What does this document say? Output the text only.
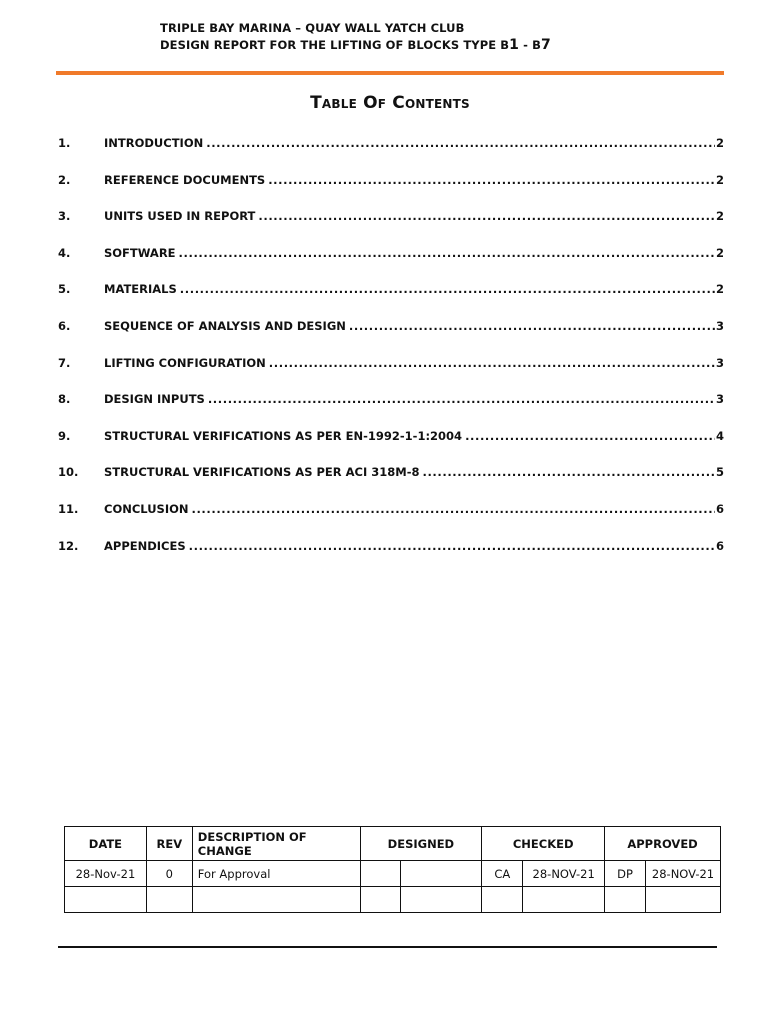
TRIPLE BAY MARINA – QUAY WALL YATCH CLUB
DESIGN REPORT FOR THE LIFTING OF BLOCKS TYPE B1 - B7
Table Of Contents
1.	INTRODUCTION .....	2
2.	REFERENCE DOCUMENTS .....	2
3.	UNITS USED IN REPORT .....	2
4.	SOFTWARE .....	2
5.	MATERIALS .....	2
6.	SEQUENCE OF ANALYSIS AND DESIGN .....	3
7.	LIFTING CONFIGURATION .....	3
8.	DESIGN INPUTS .....	3
9.	STRUCTURAL VERIFICATIONS AS PER EN-1992-1-1:2004 .....	4
10.	STRUCTURAL VERIFICATIONS AS PER ACI 318M-8 .....	5
11.	CONCLUSION .....	6
12.	APPENDICES .....	6
DATE	REV	DESCRIPTION OF CHANGE	DESIGNED		CHECKED		APPROVED	
28-Nov-21	0	For Approval			CA	28-NOV-21	DP	28-NOV-21
